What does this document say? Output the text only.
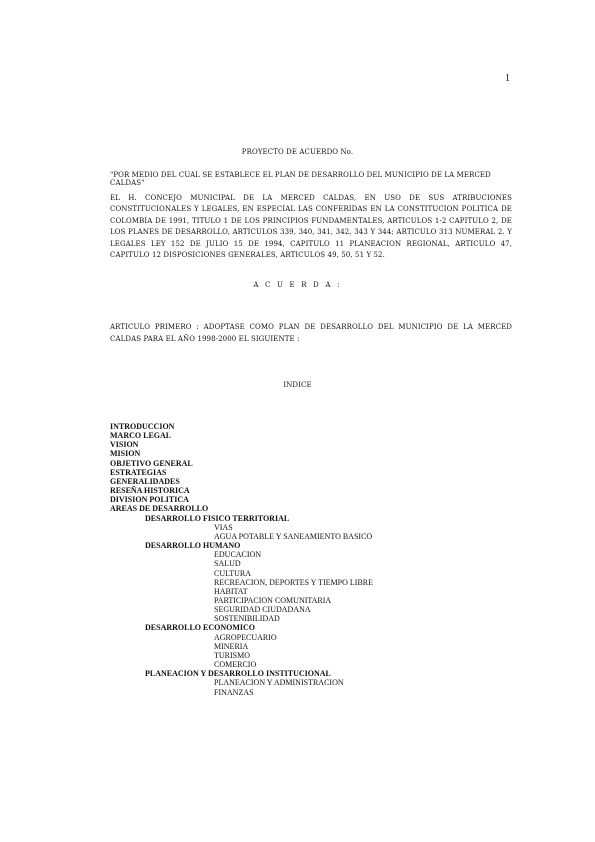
1
PROYECTO DE ACUERDO No.
"POR MEDIO DEL CUAL SE ESTABLECE EL PLAN DE DESARROLLO DEL MUNICIPIO DE LA MERCED CALDAS"
EL H. CONCEJO MUNICIPAL DE LA MERCED CALDAS, EN USO DE SUS ATRIBUCIONES CONSTITUCIONALES Y LEGALES, EN ESPECIAL LAS CONFERIDAS EN LA CONSTITUCION POLITICA DE COLOMBIA DE 1991, TITULO 1 DE LOS PRINCIPIOS FUNDAMENTALES, ARTICULOS 1-2 CAPITULO 2, DE LOS PLANES DE DESARROLLO, ARTICULOS 339, 340, 341, 342, 343 Y 344; ARTICULO 313 NUMERAL 2. Y LEGALES LEY 152 DE JULIO 15 DE 1994, CAPITULO 11 PLANEACION REGIONAL, ARTICULO 47, CAPITULO 12 DISPOSICIONES GENERALES, ARTICULOS 49, 50, 51 Y 52.
A C U E R D A :
ARTICULO PRIMERO : ADOPTASE COMO PLAN DE DESARROLLO DEL MUNICIPIO DE LA MERCED CALDAS PARA EL AÑO 1998-2000 EL SIGUIENTE :
INDICE
INTRODUCCION
MARCO LEGAL
VISION
MISION
OBJETIVO GENERAL
ESTRATEGIAS
GENERALIDADES
RESEÑA HISTORICA
DIVISION POLITICA
AREAS DE DESARROLLO
DESARROLLO FISICO TERRITORIAL
VIAS
AGUA POTABLE Y SANEAMIENTO BASICO
DESARROLLO HUMANO
EDUCACION
SALUD
CULTURA
RECREACION, DEPORTES Y TIEMPO LIBRE
HABITAT
PARTICIPACION COMUNITARIA
SEGURIDAD CIUDADANA
SOSTENIBILIDAD
DESARROLLO ECONOMICO
AGROPECUARIO
MINERIA
TURISMO
COMERCIO
PLANEACION Y DESARROLLO INSTITUCIONAL
PLANEACION Y ADMINISTRACION
FINANZAS
